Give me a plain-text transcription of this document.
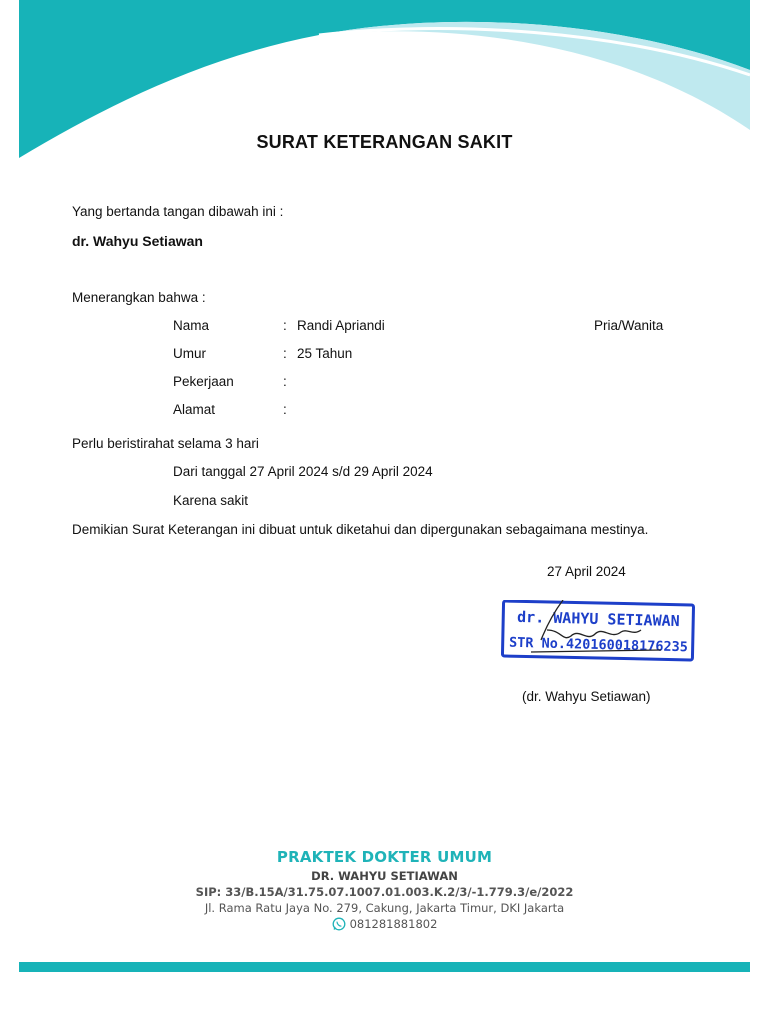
SURAT KETERANGAN SAKIT
Yang bertanda tangan dibawah ini :
dr. Wahyu Setiawan
Menerangkan bahwa :
Nama	: Randi Apriandi	Pria/Wanita
Umur	: 25 Tahun
Pekerjaan	:
Alamat	:
Perlu beristirahat selama 3 hari
Dari tanggal 27 April 2024 s/d 29 April 2024
Karena sakit
Demikian Surat Keterangan ini dibuat untuk diketahui dan dipergunakan sebagaimana mestinya.
27 April 2024
dr. WAHYU SETIAWAN
STR No.420160018176235
(dr. Wahyu Setiawan)
PRAKTEK DOKTER UMUM
DR. WAHYU SETIAWAN
SIP: 33/B.15A/31.75.07.1007.01.003.K.2/3/-1.779.3/e/2022
Jl. Rama Ratu Jaya No. 279, Cakung, Jakarta Timur, DKI Jakarta
081281881802
